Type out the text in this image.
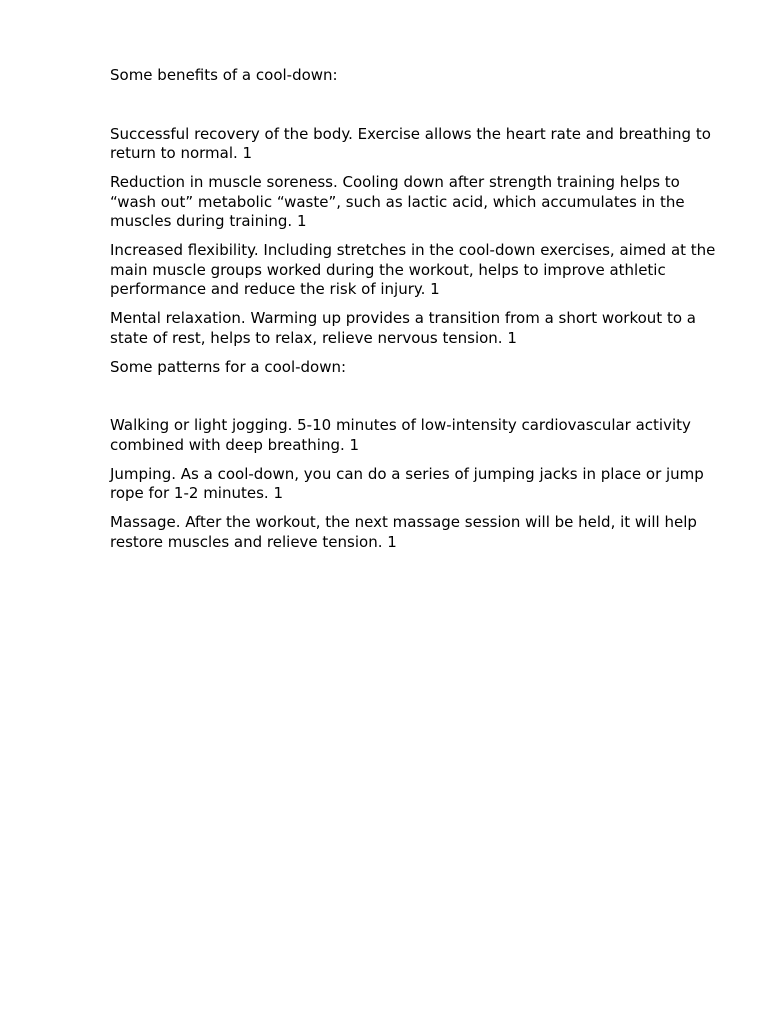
Some benefits of a cool-down:

Successful recovery of the body. Exercise allows the heart rate and breathing to return to normal. 1

Reduction in muscle soreness. Cooling down after strength training helps to “wash out” metabolic “waste”, such as lactic acid, which accumulates in the muscles during training. 1

Increased flexibility. Including stretches in the cool-down exercises, aimed at the main muscle groups worked during the workout, helps to improve athletic performance and reduce the risk of injury. 1

Mental relaxation. Warming up provides a transition from a short workout to a state of rest, helps to relax, relieve nervous tension. 1

Some patterns for a cool-down:

Walking or light jogging. 5-10 minutes of low-intensity cardiovascular activity combined with deep breathing. 1

Jumping. As a cool-down, you can do a series of jumping jacks in place or jump rope for 1-2 minutes. 1

Massage. After the workout, the next massage session will be held, it will help restore muscles and relieve tension. 1
